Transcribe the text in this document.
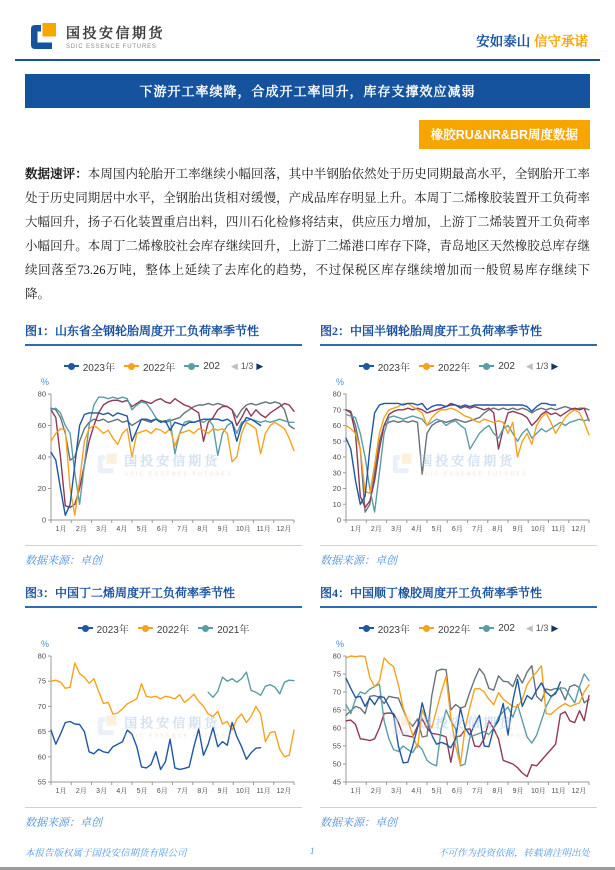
国投安信期货
SDIC ESSENCE FUTURES	安如泰山 信守承诺
下游开工率续降，合成开工率回升，库存支撑效应减弱
橡胶RU&NR&BR周度数据

数据速评：本周国内轮胎开工率继续小幅回落，其中半钢胎依然处于历史同期最高水平，全钢胎开工率处于历史同期居中水平，全钢胎出货相对缓慢，产成品库存明显上升。本周丁二烯橡胶装置开工负荷率大幅回升，扬子石化装置重启出料，四川石化检修将结束，供应压力增加，上游丁二烯装置开工负荷率小幅回升。本周丁二烯橡胶社会库存继续回升，上游丁二烯港口库存下降，青岛地区天然橡胶总库存继续回落至73.26万吨，整体上延续了去库化的趋势，不过保税区库存继续增加而一般贸易库存继续下降。

图1：山东省全钢轮胎周度开工负荷率季节性
2023年	2022年	202 ◀ 1/3 ▶
%
0
20
40
60
80
1月 2月 3月 4月 5月 6月 7月 8月 9月 10月 11月 12月
国投安信期货
SDIC ESSENCE FUTURES
数据来源：卓创
图2：中国半钢轮胎周度开工负荷率季节性
2023年	2022年	202 ◀ 1/3 ▶
%
0
10
20
30
40
50
60
70
80
1月 2月 3月 4月 5月 6月 7月 8月 9月 10月 11月 12月
国投安信期货
SDIC ESSENCE FUTURES
数据来源：卓创
图3：中国丁二烯周度开工负荷率季节性
2023年	2022年	2021年
%
55
60
65
70
75
80
1月 2月 3月 4月 5月 6月 7月 8月 9月 10月 11月 12月
国投安信期货
SDIC ESSENCE FUTURES
数据来源：卓创
图4：中国顺丁橡胶周度开工负荷率季节性
2023年	2022年	202 ◀ 1/3 ▶
%
45
50
55
60
65
70
75
80
1月 2月 3月 4月 5月 6月 7月 8月 9月 10月 11月 12月
国投安信期货
SDIC ESSENCE FUTURES
数据来源：卓创
本报告版权属于国投安信期货有限公司	1	不可作为投资依据，转载请注明出处
